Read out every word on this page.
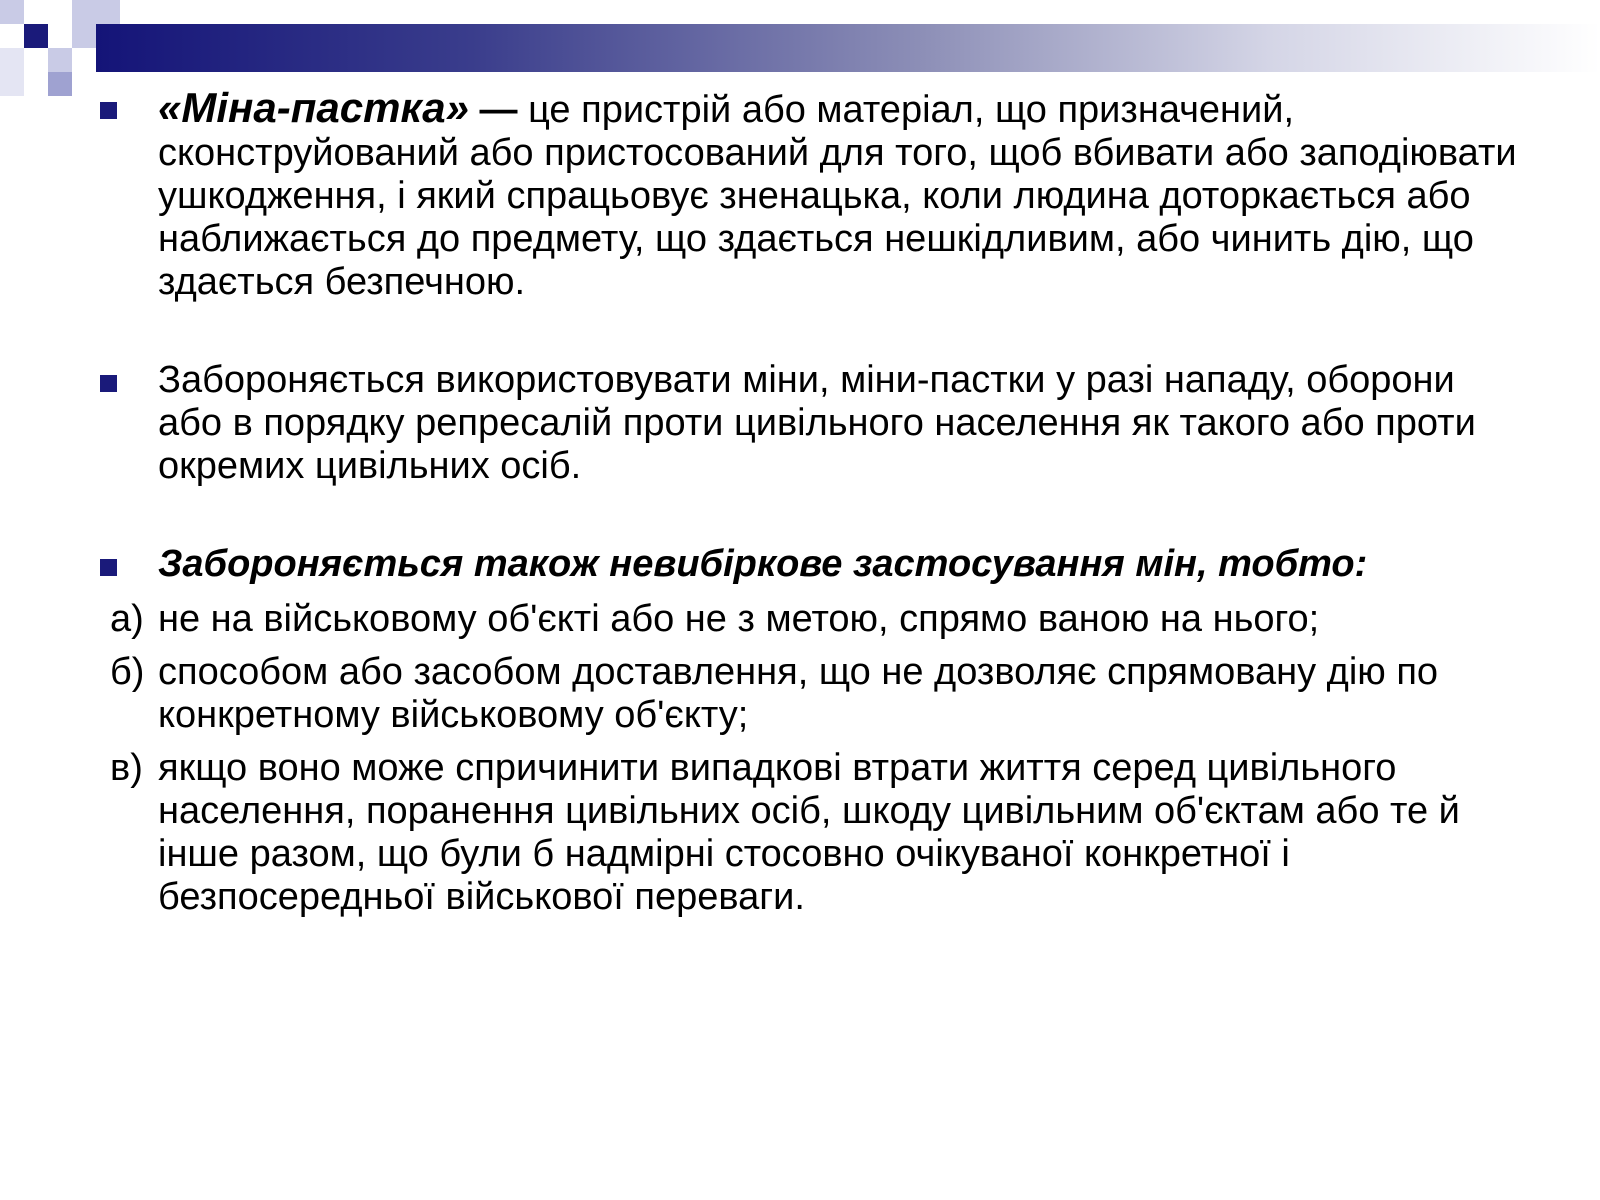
«Міна-пастка» — це пристрій або матеріал, що призначений, сконструйований або пристосований для того, щоб вбивати або заподіювати ушкодження, і який спрацьовує зненацька, коли людина доторкається або наближається до предмету, що здається нешкідливим, або чинить дію, що здається безпечною.
Забороняється використовувати міни, міни-пастки у разі нападу, оборони або в порядку репресалій проти цивільного населення як такого або проти окремих цивільних осіб.
Забороняється також невибіркове застосування мін, тобто:
а) не на військовому об'єкті або не з метою, спрямо ваною на нього;
б) способом або засобом доставлення, що не дозволяє спрямовану дію по конкретному військовому об'єкту;
в) якщо воно може спричинити випадкові втрати життя серед цивільного населення, поранення цивільних осіб, шкоду цивільним об'єктам або те й інше разом, що були б надмірні стосовно очікуваної конкретної і безпосередньої військової переваги.
